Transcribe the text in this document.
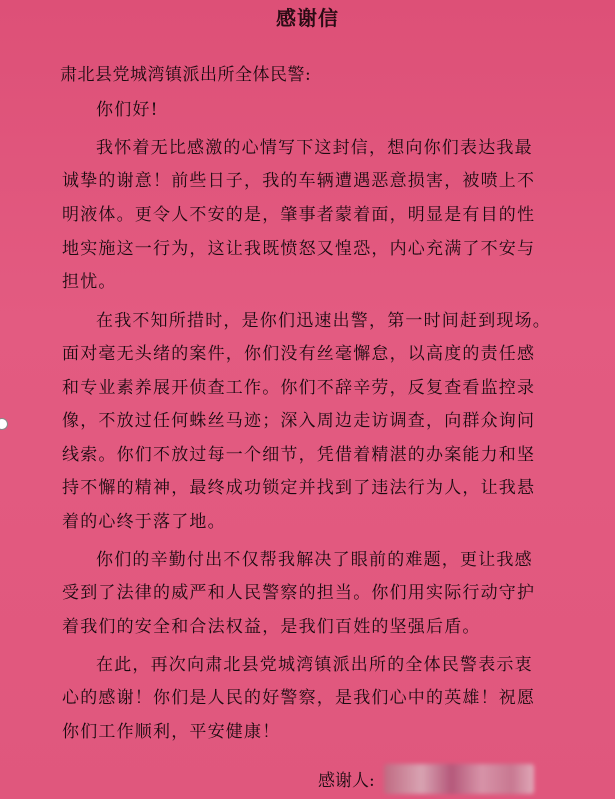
感谢信
肃北县党城湾镇派出所全体民警:
你们好!
我怀着无比感激的心情写下这封信，想向你们表达我最
诚挚的谢意！前些日子，我的车辆遭遇恶意损害，被喷上不
明液体。更令人不安的是，肇事者蒙着面，明显是有目的性
地实施这一行为，这让我既愤怒又惶恐，内心充满了不安与
担忧。
在我不知所措时，是你们迅速出警，第一时间赶到现场。
面对毫无头绪的案件，你们没有丝毫懈怠，以高度的责任感
和专业素养展开侦查工作。你们不辞辛劳，反复查看监控录
像，不放过任何蛛丝马迹；深入周边走访调查，向群众询问
线索。你们不放过每一个细节，凭借着精湛的办案能力和坚
持不懈的精神，最终成功锁定并找到了违法行为人，让我悬
着的心终于落了地。
你们的辛勤付出不仅帮我解决了眼前的难题，更让我感
受到了法律的威严和人民警察的担当。你们用实际行动守护
着我们的安全和合法权益，是我们百姓的坚强后盾。
在此，再次向肃北县党城湾镇派出所的全体民警表示衷
心的感谢！你们是人民的好警察，是我们心中的英雄！祝愿
你们工作顺利，平安健康！
感谢人:
